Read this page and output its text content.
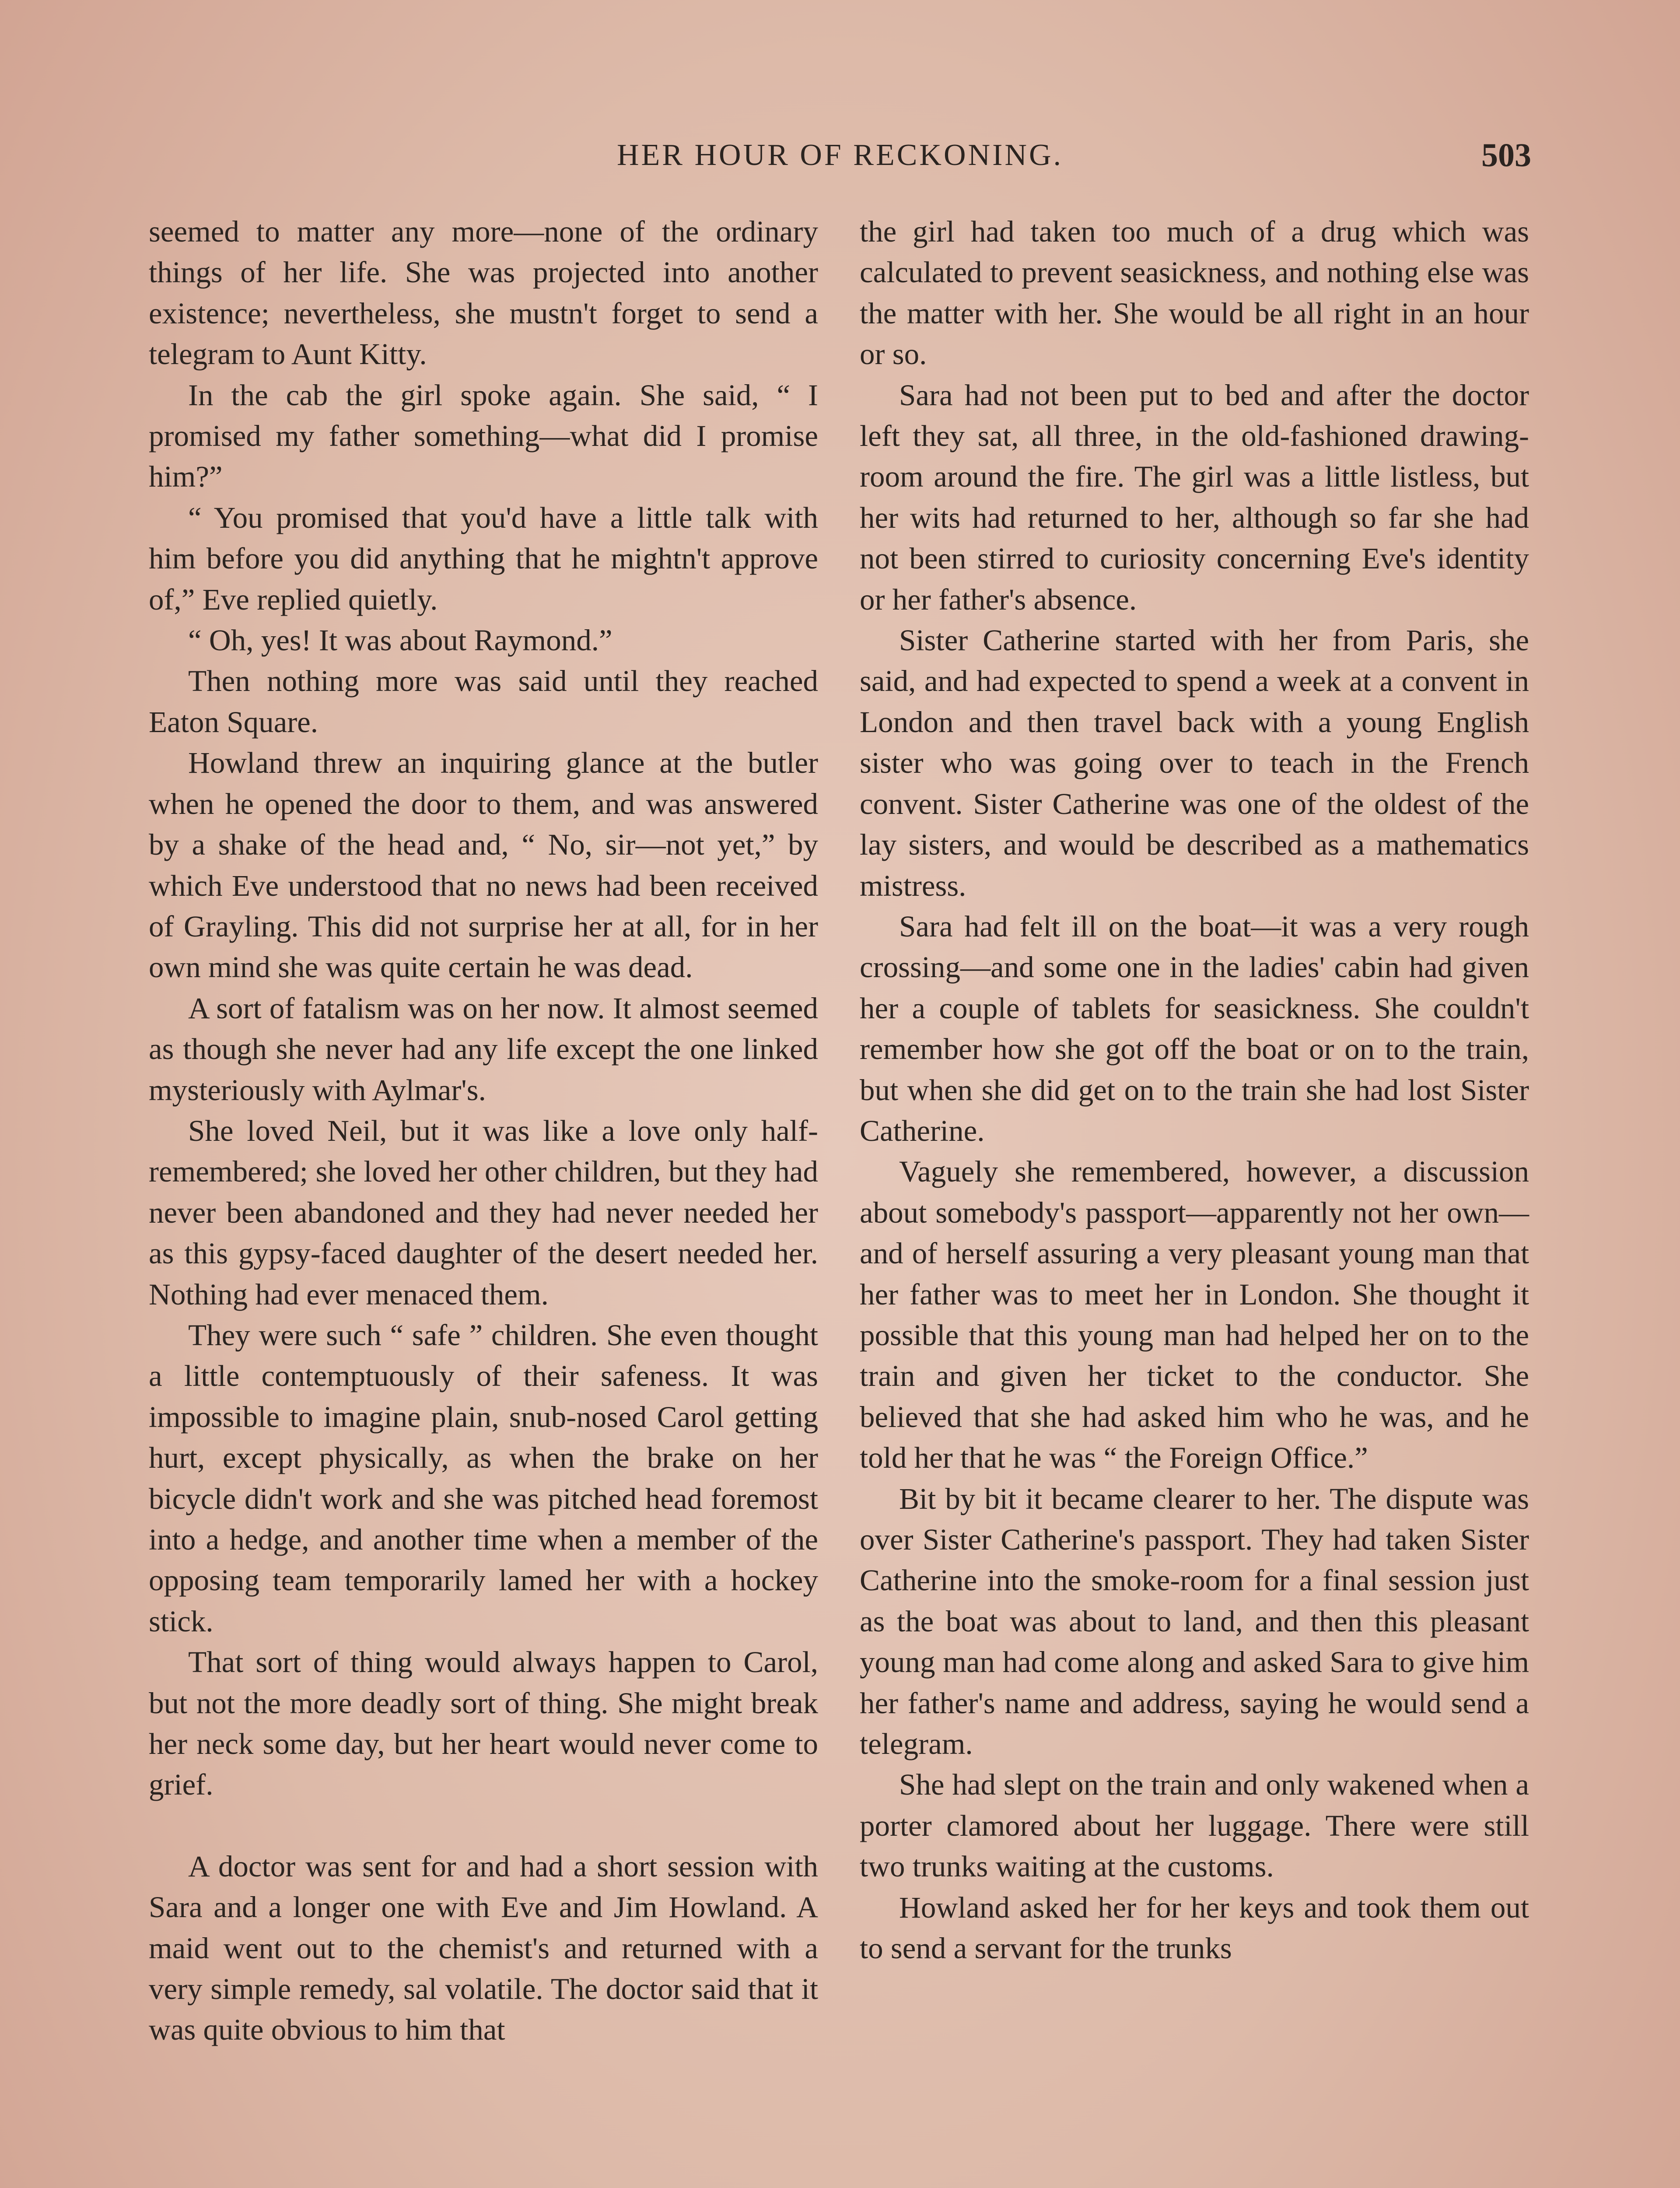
HER HOUR OF RECKONING.	503

seemed to matter any more—none of the ordinary things of her life. She was projected into another existence; nevertheless, she mustn't forget to send a telegram to Aunt Kitty.

In the cab the girl spoke again. She said, “ I promised my father something—what did I promise him?”

“ You promised that you'd have a little talk with him before you did anything that he mightn't approve of,” Eve replied quietly.

“ Oh, yes! It was about Raymond.”

Then nothing more was said until they reached Eaton Square.

Howland threw an inquiring glance at the butler when he opened the door to them, and was answered by a shake of the head and, “ No, sir—not yet,” by which Eve understood that no news had been received of Grayling. This did not surprise her at all, for in her own mind she was quite certain he was dead.

A sort of fatalism was on her now. It almost seemed as though she never had any life except the one linked mysteriously with Aylmar's.

She loved Neil, but it was like a love only half-remembered; she loved her other children, but they had never been abandoned and they had never needed her as this gypsy-faced daughter of the desert needed her. Nothing had ever menaced them.

They were such “ safe ” children. She even thought a little contemptuously of their safeness. It was impossible to imagine plain, snub-nosed Carol getting hurt, except physically, as when the brake on her bicycle didn't work and she was pitched head foremost into a hedge, and another time when a member of the opposing team temporarily lamed her with a hockey stick.

That sort of thing would always happen to Carol, but not the more deadly sort of thing. She might break her neck some day, but her heart would never come to grief.

A doctor was sent for and had a short session with Sara and a longer one with Eve and Jim Howland. A maid went out to the chemist's and returned with a very simple remedy, sal volatile. The doctor said that it was quite obvious to him that

the girl had taken too much of a drug which was calculated to prevent seasickness, and nothing else was the matter with her. She would be all right in an hour or so.

Sara had not been put to bed and after the doctor left they sat, all three, in the old-fashioned drawing-room around the fire. The girl was a little listless, but her wits had returned to her, although so far she had not been stirred to curiosity concerning Eve's identity or her father's absence.

Sister Catherine started with her from Paris, she said, and had expected to spend a week at a convent in London and then travel back with a young English sister who was going over to teach in the French convent. Sister Catherine was one of the oldest of the lay sisters, and would be described as a mathematics mistress.

Sara had felt ill on the boat—it was a very rough crossing—and some one in the ladies' cabin had given her a couple of tablets for seasickness. She couldn't remember how she got off the boat or on to the train, but when she did get on to the train she had lost Sister Catherine.

Vaguely she remembered, however, a discussion about somebody's passport—apparently not her own—and of herself assuring a very pleasant young man that her father was to meet her in London. She thought it possible that this young man had helped her on to the train and given her ticket to the conductor. She believed that she had asked him who he was, and he told her that he was “ the Foreign Office.”

Bit by bit it became clearer to her. The dispute was over Sister Catherine's passport. They had taken Sister Catherine into the smoke-room for a final session just as the boat was about to land, and then this pleasant young man had come along and asked Sara to give him her father's name and address, saying he would send a telegram.

She had slept on the train and only wakened when a porter clamored about her luggage. There were still two trunks waiting at the customs.

Howland asked her for her keys and took them out to send a servant for the trunks
